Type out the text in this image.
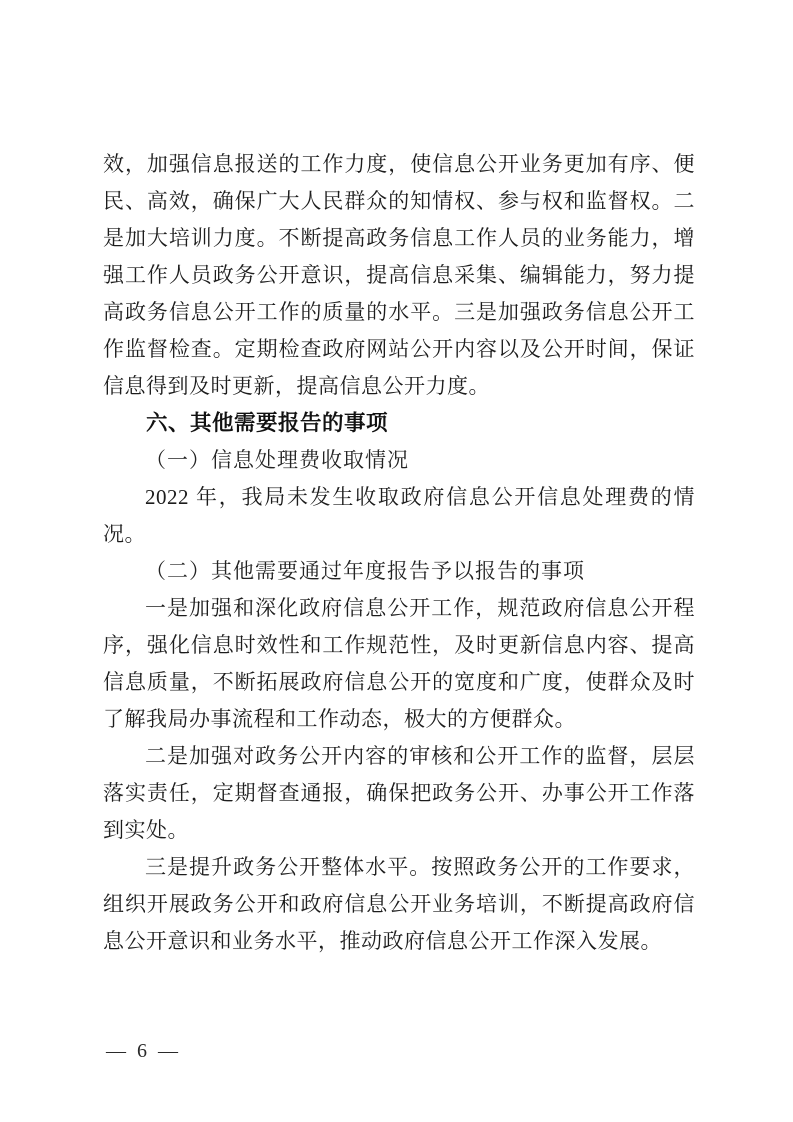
效，加强信息报送的工作力度，使信息公开业务更加有序、便民、高效，确保广大人民群众的知情权、参与权和监督权。二是加大培训力度。不断提高政务信息工作人员的业务能力，增强工作人员政务公开意识，提高信息采集、编辑能力，努力提高政务信息公开工作的质量的水平。三是加强政务信息公开工作监督检查。定期检查政府网站公开内容以及公开时间，保证信息得到及时更新，提高信息公开力度。

六、其他需要报告的事项

（一）信息处理费收取情况

2022 年，我局未发生收取政府信息公开信息处理费的情况。

（二）其他需要通过年度报告予以报告的事项

一是加强和深化政府信息公开工作，规范政府信息公开程序，强化信息时效性和工作规范性，及时更新信息内容、提高信息质量，不断拓展政府信息公开的宽度和广度，使群众及时了解我局办事流程和工作动态，极大的方便群众。

二是加强对政务公开内容的审核和公开工作的监督，层层落实责任，定期督查通报，确保把政务公开、办事公开工作落到实处。

三是提升政务公开整体水平。按照政务公开的工作要求，组织开展政务公开和政府信息公开业务培训，不断提高政府信息公开意识和业务水平，推动政府信息公开工作深入发展。

— 6 —
